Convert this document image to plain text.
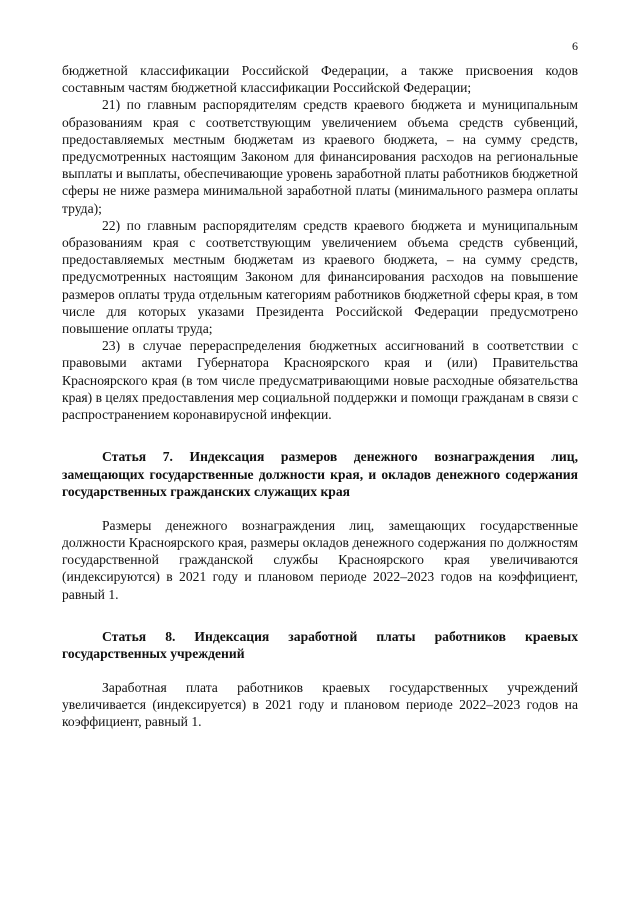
6

бюджетной классификации Российской Федерации, а также присвоения кодов составным частям бюджетной классификации Российской Федерации;

21) по главным распорядителям средств краевого бюджета и муниципальным образованиям края с соответствующим увеличением объема средств субвенций, предоставляемых местным бюджетам из краевого бюджета, – на сумму средств, предусмотренных настоящим Законом для финансирования расходов на региональные выплаты и выплаты, обеспечивающие уровень заработной платы работников бюджетной сферы не ниже размера минимальной заработной платы (минимального размера оплаты труда);

22) по главным распорядителям средств краевого бюджета и муниципальным образованиям края с соответствующим увеличением объема средств субвенций, предоставляемых местным бюджетам из краевого бюджета, – на сумму средств, предусмотренных настоящим Законом для финансирования расходов на повышение размеров оплаты труда отдельным категориям работников бюджетной сферы края, в том числе для которых указами Президента Российской Федерации предусмотрено повышение оплаты труда;

23) в случае перераспределения бюджетных ассигнований в соответствии с правовыми актами Губернатора Красноярского края и (или) Правительства Красноярского края (в том числе предусматривающими новые расходные обязательства края) в целях предоставления мер социальной поддержки и помощи гражданам в связи с распространением коронавирусной инфекции.

Статья 7. Индексация размеров денежного вознаграждения лиц, замещающих государственные должности края, и окладов денежного содержания государственных гражданских служащих края

Размеры денежного вознаграждения лиц, замещающих государственные должности Красноярского края, размеры окладов денежного содержания по должностям государственной гражданской службы Красноярского края увеличиваются (индексируются) в 2021 году и плановом периоде 2022–2023 годов на коэффициент, равный 1.

Статья 8. Индексация заработной платы работников краевых государственных учреждений

Заработная плата работников краевых государственных учреждений увеличивается (индексируется) в 2021 году и плановом периоде 2022–2023 годов на коэффициент, равный 1.
